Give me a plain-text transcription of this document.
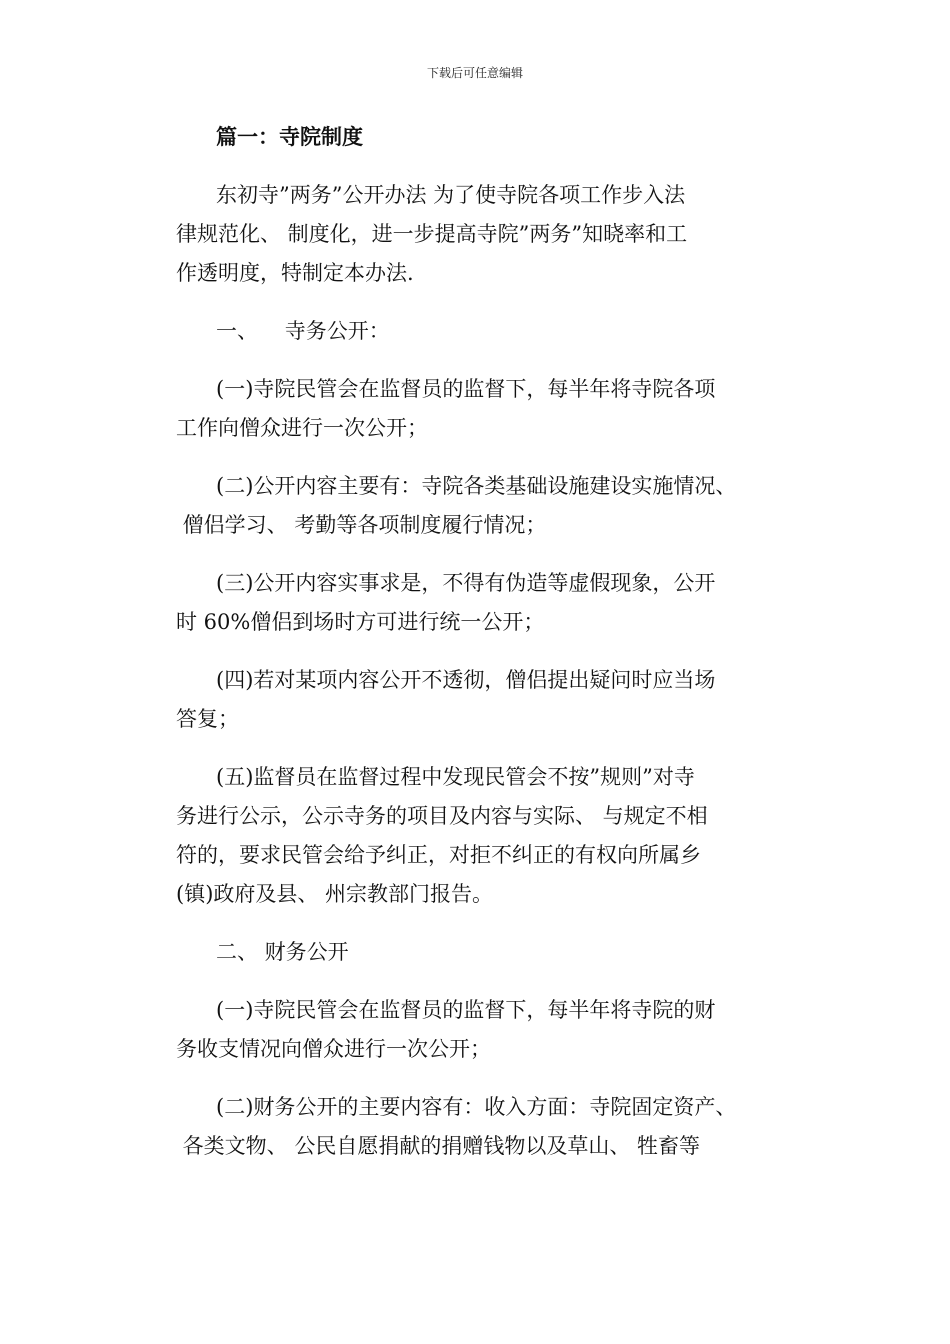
下载后可任意编辑
篇一：寺院制度

东初寺”两务”公开办法 为了使寺院各项工作步入法
律规范化、 制度化，进一步提高寺院”两务”知晓率和工
作透明度，特制定本办法.

一、    寺务公开：

(一)寺院民管会在监督员的监督下，每半年将寺院各项
工作向僧众进行一次公开；

(二)公开内容主要有：寺院各类基础设施建设实施情况、
僧侣学习、 考勤等各项制度履行情况；

(三)公开内容实事求是，不得有伪造等虚假现象，公开
时 60%僧侣到场时方可进行统一公开；

(四)若对某项内容公开不透彻，僧侣提出疑问时应当场
答复；

(五)监督员在监督过程中发现民管会不按”规则”对寺
务进行公示，公示寺务的项目及内容与实际、 与规定不相
符的，要求民管会给予纠正，对拒不纠正的有权向所属乡
(镇)政府及县、 州宗教部门报告。

二、 财务公开

(一)寺院民管会在监督员的监督下，每半年将寺院的财
务收支情况向僧众进行一次公开；

(二)财务公开的主要内容有：收入方面：寺院固定资产、
各类文物、 公民自愿捐献的捐赠钱物以及草山、 牲畜等
